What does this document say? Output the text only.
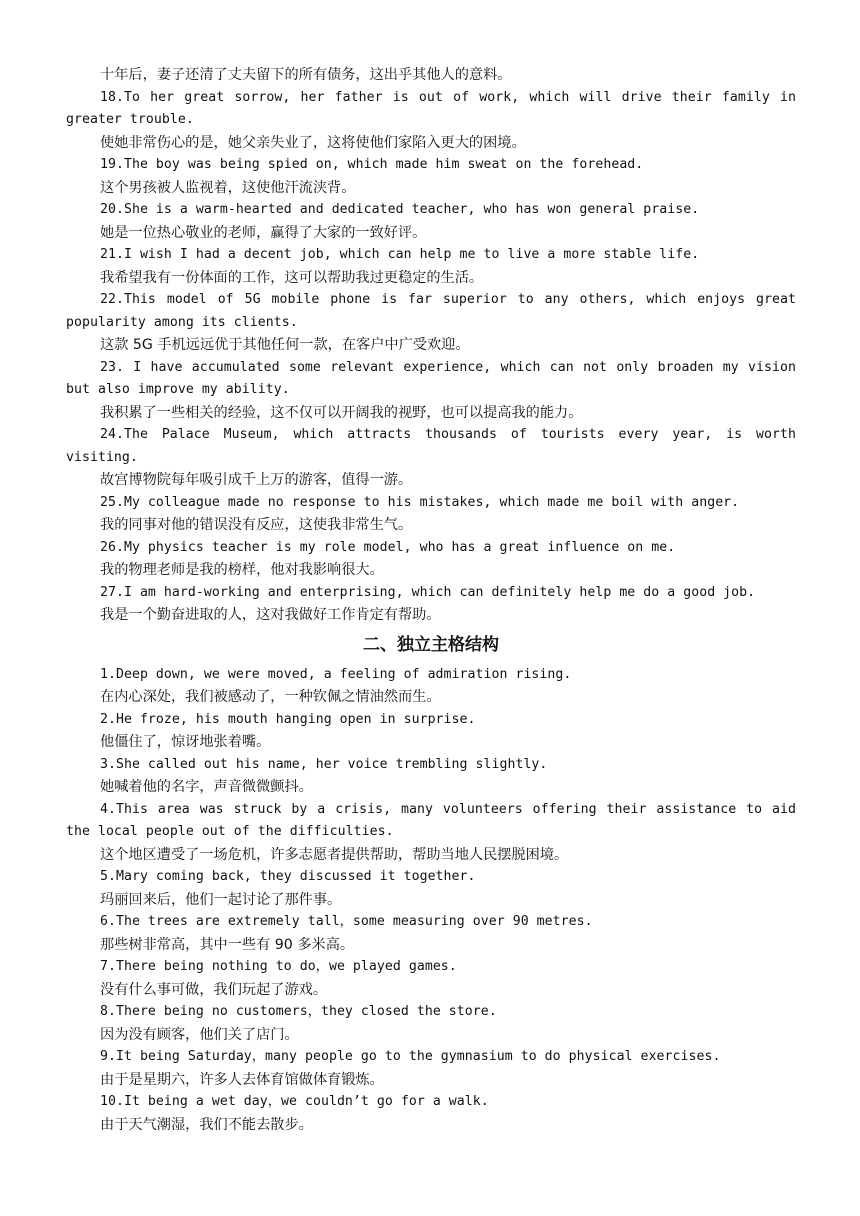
十年后，妻子还清了丈夫留下的所有债务，这出乎其他人的意料。
18.To her great sorrow, her father is out of work, which will drive their family in
greater trouble.
使她非常伤心的是，她父亲失业了，这将使他们家陷入更大的困境。
19.The boy was being spied on, which made him sweat on the forehead.
这个男孩被人监视着，这使他汗流浃背。
20.She is a warm-hearted and dedicated teacher, who has won general praise.
她是一位热心敬业的老师，赢得了大家的一致好评。
21.I wish I had a decent job, which can help me to live a more stable life.
我希望我有一份体面的工作，这可以帮助我过更稳定的生活。
22.This model of 5G mobile phone is far superior to any others, which enjoys great
popularity among its clients.
这款 5G 手机远远优于其他任何一款，在客户中广受欢迎。
23. I have accumulated some relevant experience, which can not only broaden my vision
but also improve my ability.
我积累了一些相关的经验，这不仅可以开阔我的视野，也可以提高我的能力。
24.The Palace Museum, which attracts thousands of tourists every year, is worth
visiting.
故宫博物院每年吸引成千上万的游客，值得一游。
25.My colleague made no response to his mistakes, which made me boil with anger.
我的同事对他的错误没有反应，这使我非常生气。
26.My physics teacher is my role model, who has a great influence on me.
我的物理老师是我的榜样，他对我影响很大。
27.I am hard-working and enterprising, which can definitely help me do a good job.
我是一个勤奋进取的人，这对我做好工作肯定有帮助。
二、独立主格结构
1.Deep down, we were moved, a feeling of admiration rising.
在内心深处，我们被感动了，一种钦佩之情油然而生。
2.He froze, his mouth hanging open in surprise.
他僵住了，惊讶地张着嘴。
3.She called out his name, her voice trembling slightly.
她喊着他的名字，声音微微颤抖。
4.This area was struck by a crisis, many volunteers offering their assistance to aid
the local people out of the difficulties.
这个地区遭受了一场危机，许多志愿者提供帮助，帮助当地人民摆脱困境。
5.Mary coming back, they discussed it together.
玛丽回来后，他们一起讨论了那件事。
6.The trees are extremely tall，some measuring over 90 metres.
那些树非常高，其中一些有 90 多米高。
7.There being nothing to do，we played games.
没有什么事可做，我们玩起了游戏。
8.There being no customers，they closed the store.
因为没有顾客，他们关了店门。
9.It being Saturday，many people go to the gymnasium to do physical exercises.
由于是星期六，许多人去体育馆做体育锻炼。
10.It being a wet day，we couldn’t go for a walk.
由于天气潮湿，我们不能去散步。
